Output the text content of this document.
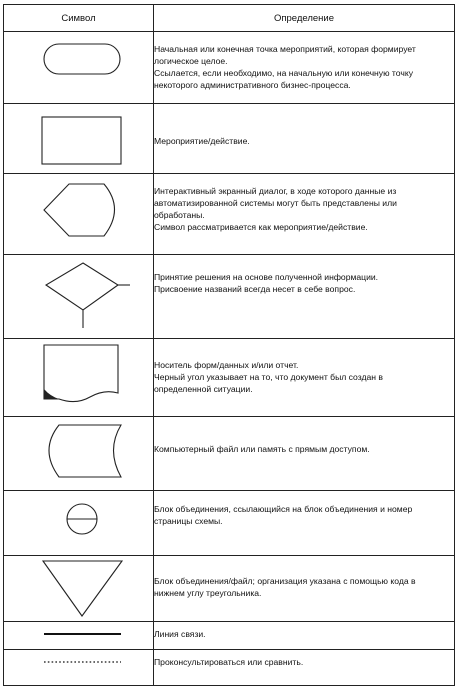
Символ	Определение

Начальная или конечная точка мероприятий, которая формирует
логическое целое.
Ссылается, если необходимо, на начальную или конечную точку
некоторого административного бизнес-процесса.

Мероприятие/действие.

Интерактивный экранный диалог, в ходе которого данные из
автоматизированной системы могут быть представлены или
обработаны.
Символ рассматривается как мероприятие/действие.

Принятие решения на основе полученной информации.
Присвоение названий всегда несет в себе вопрос.

Носитель форм/данных и/или отчет.
Черный угол указывает на то, что документ был создан в
определенной ситуации.

Компьютерный файл или память с прямым доступом.

Блок объединения, ссылающийся на блок объединения и номер
страницы схемы.

Блок объединения/файл; организация указана с помощью кода в
нижнем углу треугольника.

Линия связи.

Проконсультироваться или сравнить.
